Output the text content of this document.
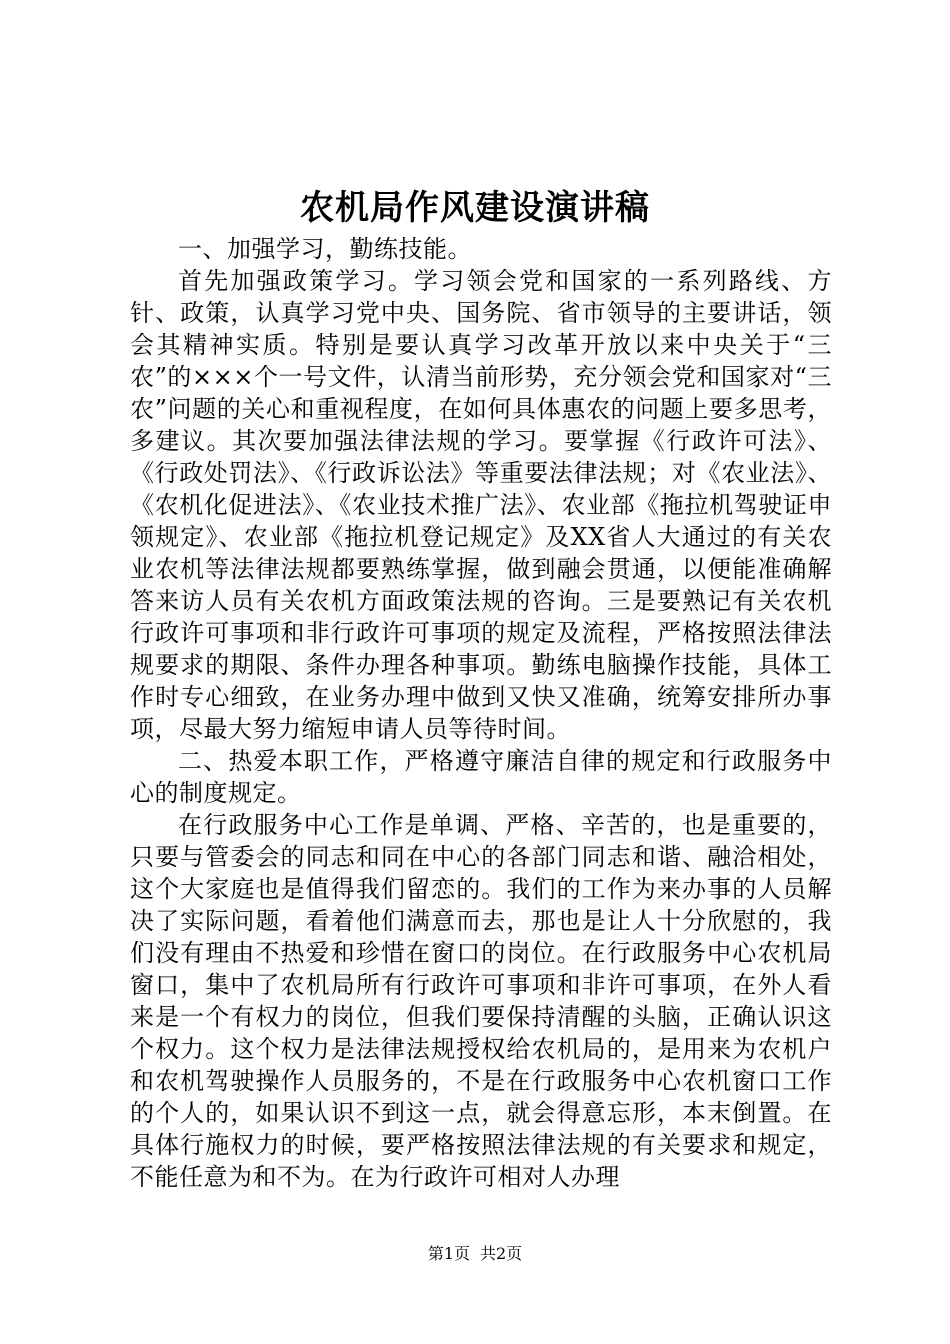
农机局作风建设演讲稿

一、加强学习，勤练技能。

首先加强政策学习。学习领会党和国家的一系列路线、方针、政策，认真学习党中央、国务院、省市领导的主要讲话，领会其精神实质。特别是要认真学习改革开放以来中央关于“三农”的×××个一号文件，认清当前形势，充分领会党和国家对“三农”问题的关心和重视程度，在如何具体惠农的问题上要多思考，多建议。其次要加强法律法规的学习。要掌握《行政许可法》、《行政处罚法》、《行政诉讼法》等重要法律法规；对《农业法》、《农机化促进法》、《农业技术推广法》、农业部《拖拉机驾驶证申领规定》、农业部《拖拉机登记规定》及XX省人大通过的有关农业农机等法律法规都要熟练掌握，做到融会贯通，以便能准确解答来访人员有关农机方面政策法规的咨询。三是要熟记有关农机行政许可事项和非行政许可事项的规定及流程，严格按照法律法规要求的期限、条件办理各种事项。勤练电脑操作技能，具体工作时专心细致，在业务办理中做到又快又准确，统筹安排所办事项，尽最大努力缩短申请人员等待时间。

二、热爱本职工作，严格遵守廉洁自律的规定和行政服务中心的制度规定。

在行政服务中心工作是单调、严格、辛苦的，也是重要的，只要与管委会的同志和同在中心的各部门同志和谐、融洽相处，这个大家庭也是值得我们留恋的。我们的工作为来办事的人员解决了实际问题，看着他们满意而去，那也是让人十分欣慰的，我们没有理由不热爱和珍惜在窗口的岗位。在行政服务中心农机局窗口，集中了农机局所有行政许可事项和非许可事项，在外人看来是一个有权力的岗位，但我们要保持清醒的头脑，正确认识这个权力。这个权力是法律法规授权给农机局的，是用来为农机户和农机驾驶操作人员服务的，不是在行政服务中心农机窗口工作的个人的，如果认识不到这一点，就会得意忘形，本末倒置。在具体行施权力的时候，要严格按照法律法规的有关要求和规定，不能任意为和不为。在为行政许可相对人办理

第1页 共2页
